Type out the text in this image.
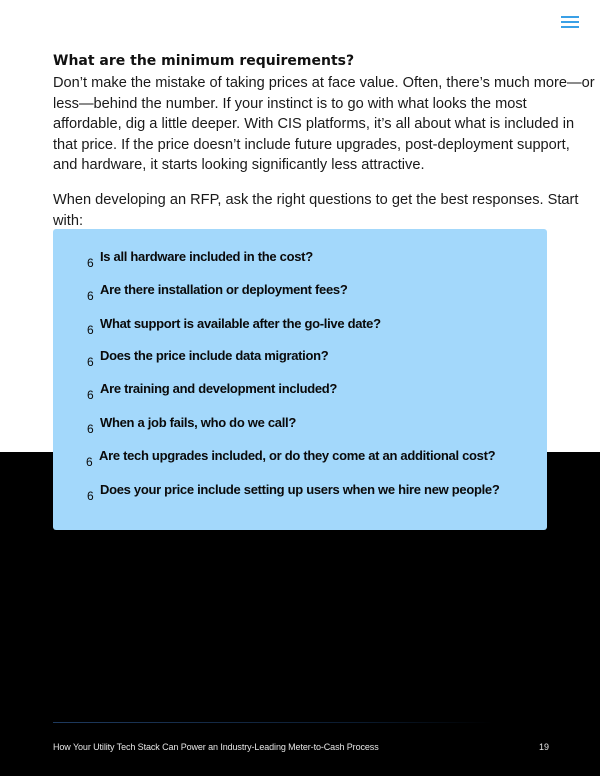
What are the minimum requirements?

Don’t make the mistake of taking prices at face value. Often, there’s much more—or less—behind the number. If your instinct is to go with what looks the most affordable, dig a little deeper. With CIS platforms, it’s all about what is included in that price. If the price doesn’t include future upgrades, post-deployment support, and hardware, it starts looking significantly less attractive.

When developing an RFP, ask the right questions to get the best responses. Start with:

6 Is all hardware included in the cost?
6 Are there installation or deployment fees?
6 What support is available after the go-live date?
6 Does the price include data migration?
6 Are training and development included?
6 When a job fails, who do we call?
6 Are tech upgrades included, or do they come at an additional cost?
6 Does your price include setting up users when we hire new people?
How Your Utility Tech Stack Can Power an Industry-Leading Meter-to-Cash Process	19
